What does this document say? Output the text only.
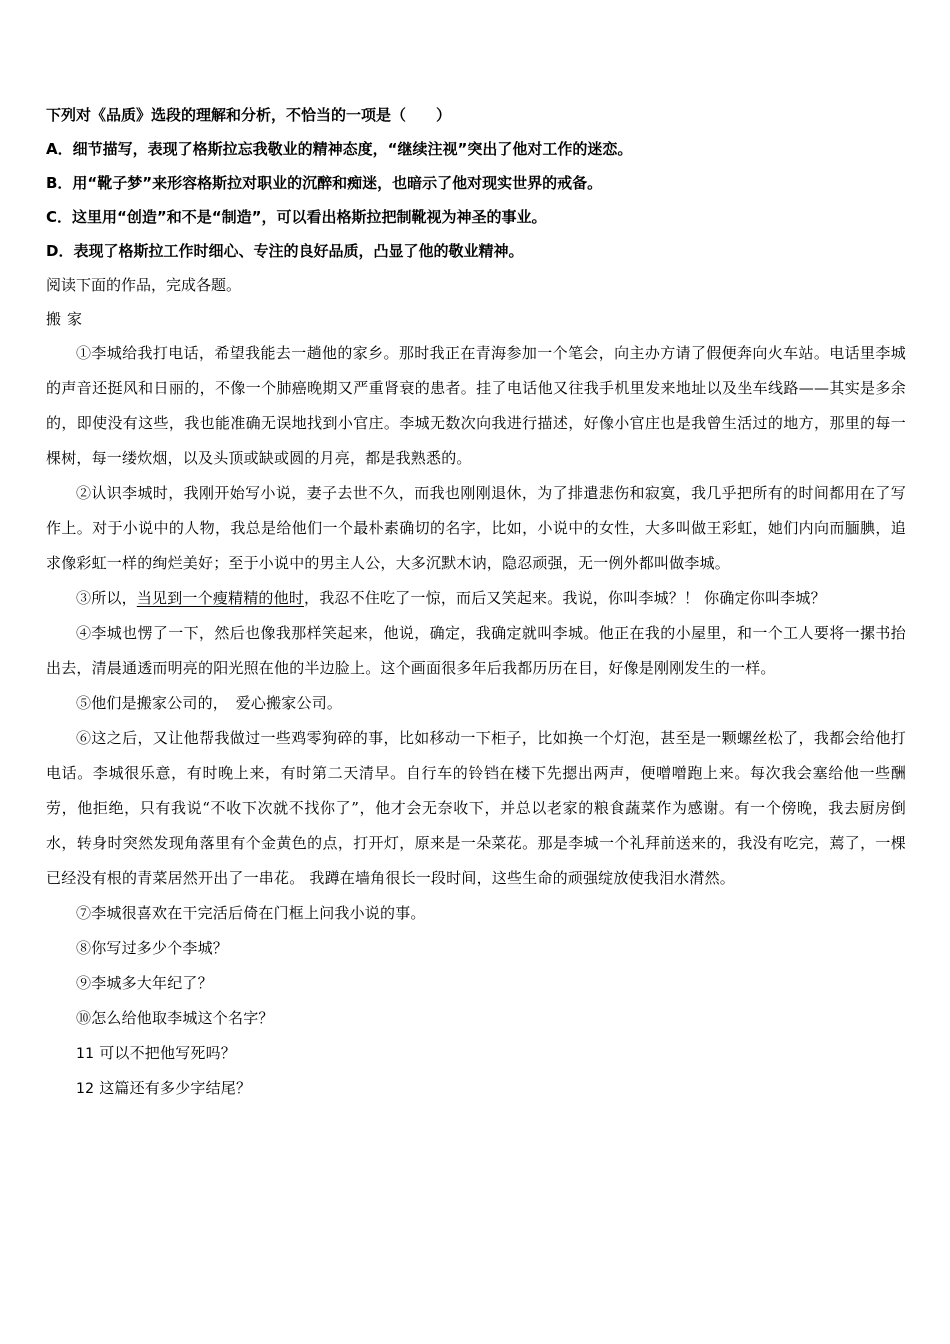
下列对《品质》选段的理解和分析，不恰当的一项是（　　）
A．细节描写，表现了格斯拉忘我敬业的精神态度，“继续注视”突出了他对工作的迷恋。
B．用“靴子梦”来形容格斯拉对职业的沉醉和痴迷，也暗示了他对现实世界的戒备。
C．这里用“创造”和不是“制造”，可以看出格斯拉把制靴视为神圣的事业。
D．表现了格斯拉工作时细心、专注的良好品质，凸显了他的敬业精神。
阅读下面的作品，完成各题。
搬家

①李城给我打电话，希望我能去一趟他的家乡。那时我正在青海参加一个笔会，向主办方请了假便奔向火车站。电话里李城的声音还挺风和日丽的，不像一个肺癌晚期又严重肾衰的患者。挂了电话他又往我手机里发来地址以及坐车线路——其实是多余的，即使没有这些，我也能准确无误地找到小官庄。李城无数次向我进行描述，好像小官庄也是我曾生活过的地方，那里的每一棵树，每一缕炊烟，以及头顶或缺或圆的月亮，都是我熟悉的。

②认识李城时，我刚开始写小说，妻子去世不久，而我也刚刚退休，为了排遣悲伤和寂寞，我几乎把所有的时间都用在了写作上。对于小说中的人物，我总是给他们一个最朴素确切的名字，比如，小说中的女性，大多叫做王彩虹，她们内向而腼腆，追求像彩虹一样的绚烂美好；至于小说中的男主人公，大多沉默木讷，隐忍顽强，无一例外都叫做李城。

③所以，当见到一个瘦精精的他时，我忍不住吃了一惊，而后又笑起来。我说，你叫李城？！ 你确定你叫李城？

④李城也愣了一下，然后也像我那样笑起来，他说，确定，我确定就叫李城。他正在我的小屋里，和一个工人要将一摞书抬出去，清晨通透而明亮的阳光照在他的半边脸上。这个画面很多年后我都历历在目，好像是刚刚发生的一样。

⑤他们是搬家公司的，　爱心搬家公司。

⑥这之后，又让他帮我做过一些鸡零狗碎的事，比如移动一下柜子，比如换一个灯泡，甚至是一颗螺丝松了，我都会给他打电话。李城很乐意，有时晚上来，有时第二天清早。自行车的铃铛在楼下先摁出两声，便噌噌跑上来。每次我会塞给他一些酬劳，他拒绝，只有我说“不收下次就不找你了”，他才会无奈收下，并总以老家的粮食蔬菜作为感谢。有一个傍晚，我去厨房倒水，转身时突然发现角落里有个金黄色的点，打开灯，原来是一朵菜花。那是李城一个礼拜前送来的，我没有吃完，蔫了，一棵已经没有根的青菜居然开出了一串花。 我蹲在墙角很长一段时间，这些生命的顽强绽放使我泪水潸然。

⑦李城很喜欢在干完活后倚在门框上问我小说的事。

⑧你写过多少个李城？

⑨李城多大年纪了？

⑩怎么给他取李城这个名字？

11 可以不把他写死吗？

12 这篇还有多少字结尾？
